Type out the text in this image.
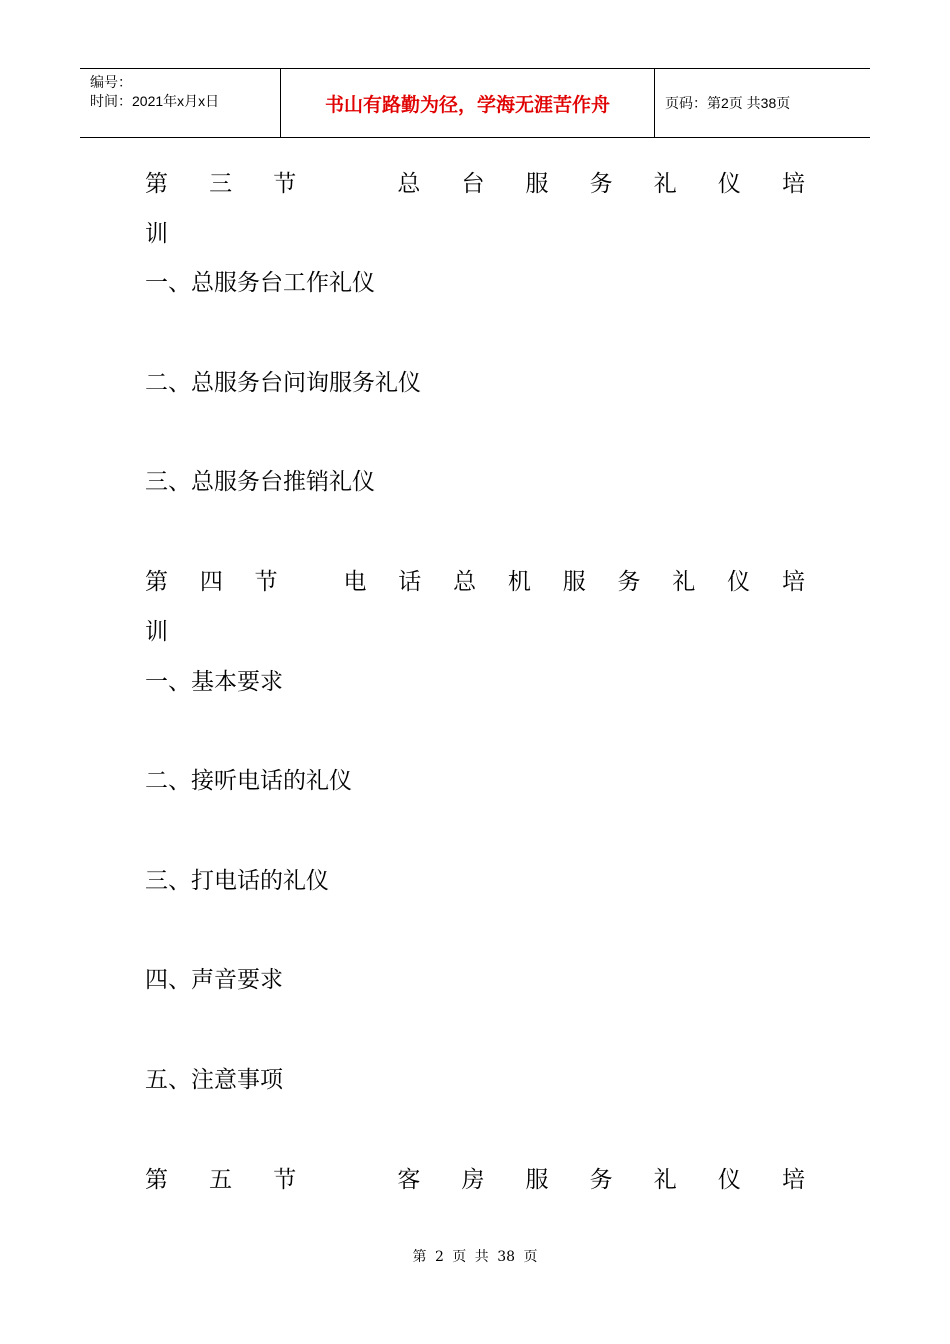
编号：
时间：2021年x月x日	书山有路勤为径，学海无涯苦作舟	页码：第2页 共38页
第 三 节	总 台 服 务 礼 仪 培
训
一、总服务台工作礼仪
二、总服务台问询服务礼仪
三、总服务台推销礼仪
第 四 节	电 话 总 机 服 务 礼 仪 培
训
一、基本要求
二、接听电话的礼仪
三、打电话的礼仪
四、声音要求
五、注意事项
第 五 节	客 房 服 务 礼 仪 培
第 2 页 共 38 页
